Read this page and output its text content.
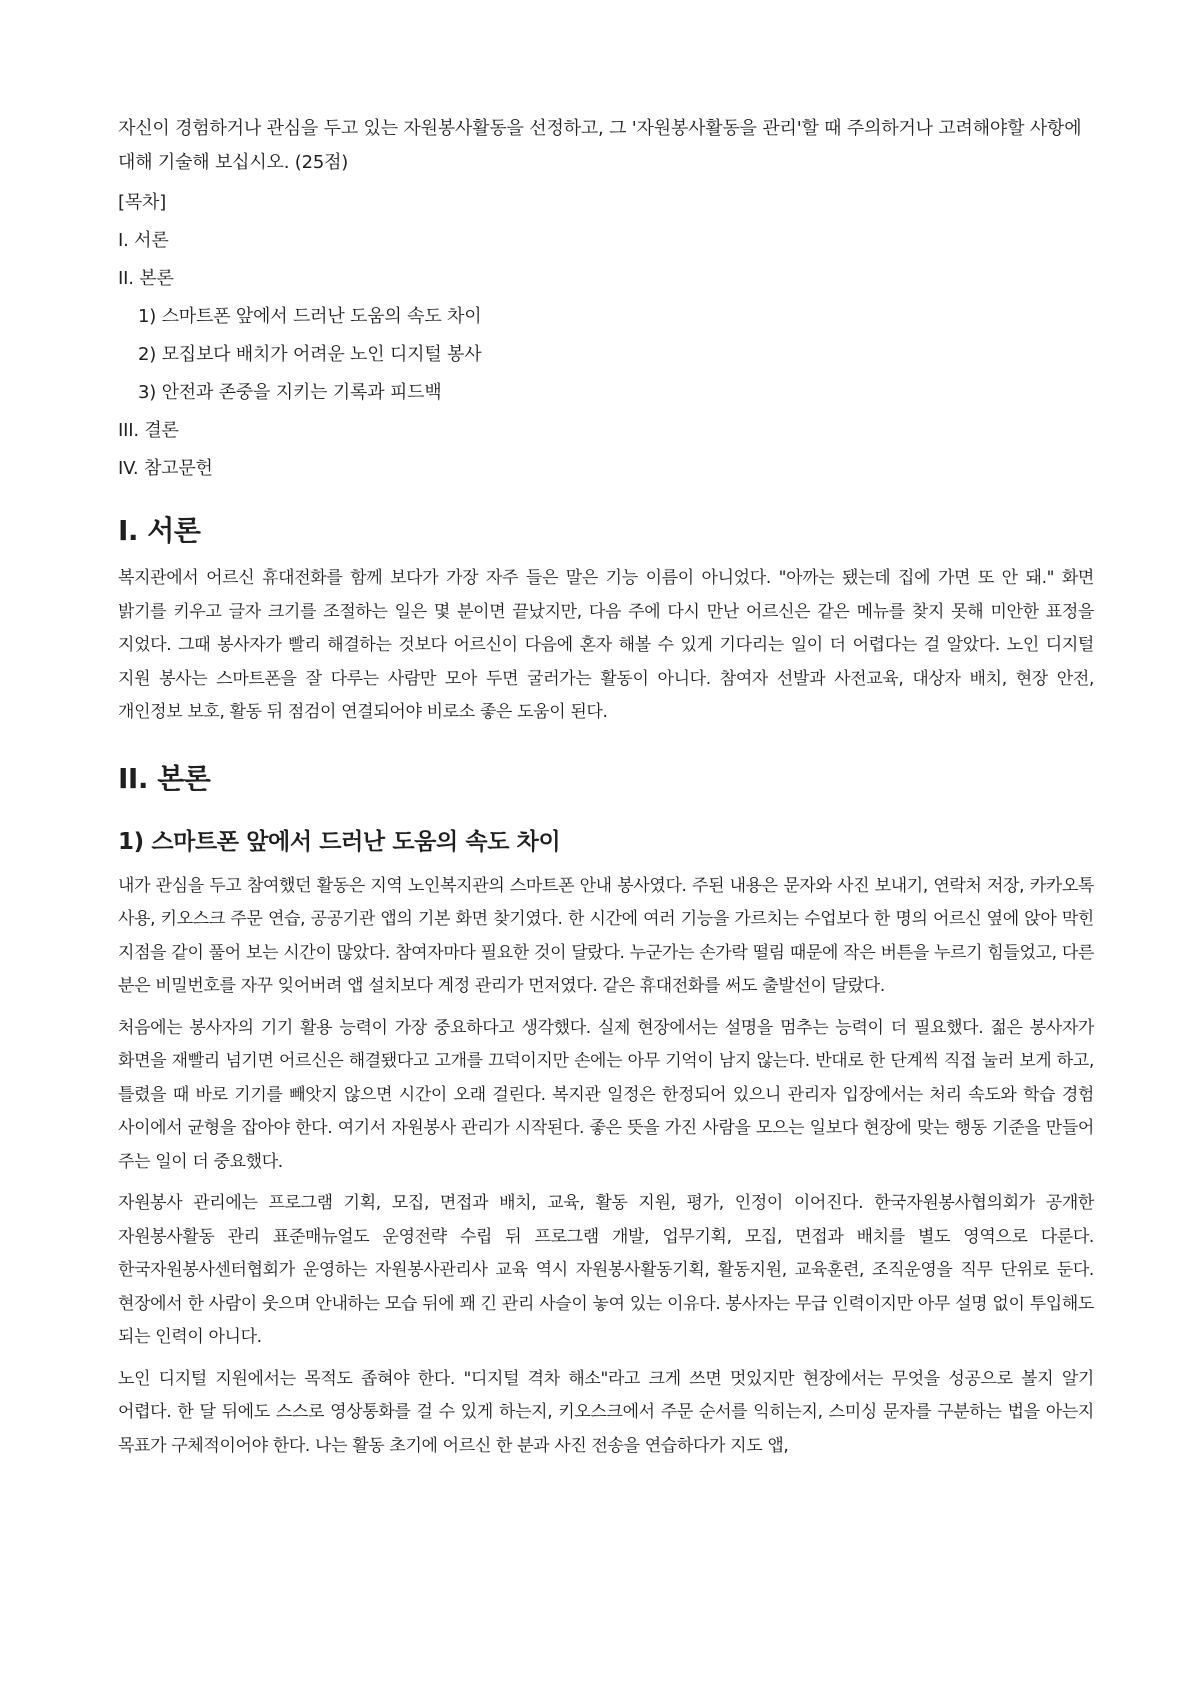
자신이 경험하거나 관심을 두고 있는 자원봉사활동을 선정하고, 그 '자원봉사활동을 관리'할 때 주의하거나 고려해야할 사항에 대해 기술해 보십시오. (25점)

[목차]
I. 서론
II. 본론
1) 스마트폰 앞에서 드러난 도움의 속도 차이
2) 모집보다 배치가 어려운 노인 디지털 봉사
3) 안전과 존중을 지키는 기록과 피드백
III. 결론
IV. 참고문헌
I. 서론

복지관에서 어르신 휴대전화를 함께 보다가 가장 자주 들은 말은 기능 이름이 아니었다. "아까는 됐는데 집에 가면 또 안 돼." 화면 밝기를 키우고 글자 크기를 조절하는 일은 몇 분이면 끝났지만, 다음 주에 다시 만난 어르신은 같은 메뉴를 찾지 못해 미안한 표정을 지었다. 그때 봉사자가 빨리 해결하는 것보다 어르신이 다음에 혼자 해볼 수 있게 기다리는 일이 더 어렵다는 걸 알았다. 노인 디지털 지원 봉사는 스마트폰을 잘 다루는 사람만 모아 두면 굴러가는 활동이 아니다. 참여자 선발과 사전교육, 대상자 배치, 현장 안전, 개인정보 보호, 활동 뒤 점검이 연결되어야 비로소 좋은 도움이 된다.

II. 본론
1) 스마트폰 앞에서 드러난 도움의 속도 차이

내가 관심을 두고 참여했던 활동은 지역 노인복지관의 스마트폰 안내 봉사였다. 주된 내용은 문자와 사진 보내기, 연락처 저장, 카카오톡 사용, 키오스크 주문 연습, 공공기관 앱의 기본 화면 찾기였다. 한 시간에 여러 기능을 가르치는 수업보다 한 명의 어르신 옆에 앉아 막힌 지점을 같이 풀어 보는 시간이 많았다. 참여자마다 필요한 것이 달랐다. 누군가는 손가락 떨림 때문에 작은 버튼을 누르기 힘들었고, 다른 분은 비밀번호를 자꾸 잊어버려 앱 설치보다 계정 관리가 먼저였다. 같은 휴대전화를 써도 출발선이 달랐다.

처음에는 봉사자의 기기 활용 능력이 가장 중요하다고 생각했다. 실제 현장에서는 설명을 멈추는 능력이 더 필요했다. 젊은 봉사자가 화면을 재빨리 넘기면 어르신은 해결됐다고 고개를 끄덕이지만 손에는 아무 기억이 남지 않는다. 반대로 한 단계씩 직접 눌러 보게 하고, 틀렸을 때 바로 기기를 빼앗지 않으면 시간이 오래 걸린다. 복지관 일정은 한정되어 있으니 관리자 입장에서는 처리 속도와 학습 경험 사이에서 균형을 잡아야 한다. 여기서 자원봉사 관리가 시작된다. 좋은 뜻을 가진 사람을 모으는 일보다 현장에 맞는 행동 기준을 만들어 주는 일이 더 중요했다.

자원봉사 관리에는 프로그램 기획, 모집, 면접과 배치, 교육, 활동 지원, 평가, 인정이 이어진다. 한국자원봉사협의회가 공개한 자원봉사활동 관리 표준매뉴얼도 운영전략 수립 뒤 프로그램 개발, 업무기획, 모집, 면접과 배치를 별도 영역으로 다룬다. 한국자원봉사센터협회가 운영하는 자원봉사관리사 교육 역시 자원봉사활동기획, 활동지원, 교육훈련, 조직운영을 직무 단위로 둔다. 현장에서 한 사람이 웃으며 안내하는 모습 뒤에 꽤 긴 관리 사슬이 놓여 있는 이유다. 봉사자는 무급 인력이지만 아무 설명 없이 투입해도 되는 인력이 아니다.

노인 디지털 지원에서는 목적도 좁혀야 한다. "디지털 격차 해소"라고 크게 쓰면 멋있지만 현장에서는 무엇을 성공으로 볼지 알기 어렵다. 한 달 뒤에도 스스로 영상통화를 걸 수 있게 하는지, 키오스크에서 주문 순서를 익히는지, 스미싱 문자를 구분하는 법을 아는지 목표가 구체적이어야 한다. 나는 활동 초기에 어르신 한 분과 사진 전송을 연습하다가 지도 앱,
